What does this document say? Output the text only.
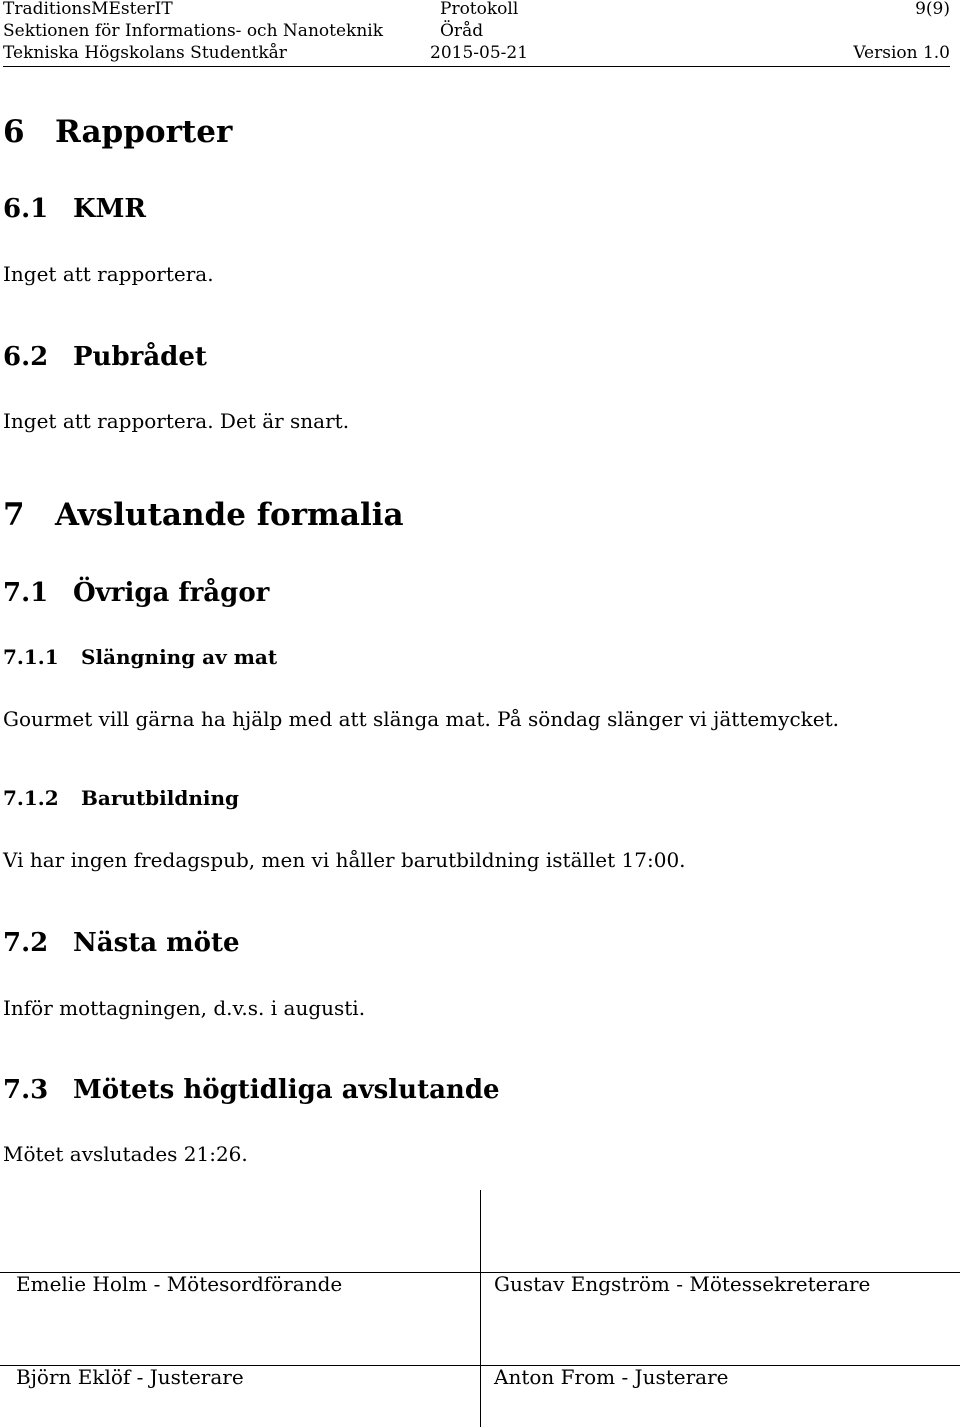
TraditionsMEsterIT
Sektionen för Informations- och Nanoteknik
Tekniska Högskolans Studentkår
Protokoll
Öråd
2015-05-21
9(9)
Version 1.0
6 Rapporter
6.1 KMR
Inget att rapportera.
6.2 Pubrådet
Inget att rapportera. Det är snart.
7 Avslutande formalia
7.1 Övriga frågor
7.1.1 Slängning av mat
Gourmet vill gärna ha hjälp med att slänga mat. På söndag slänger vi jättemycket.
7.1.2 Barutbildning
Vi har ingen fredagspub, men vi håller barutbildning istället 17:00.
7.2 Nästa möte
Inför mottagningen, d.v.s. i augusti.
7.3 Mötets högtidliga avslutande
Mötet avslutades 21:26.
Emelie Holm - Mötesordförande	Gustav Engström - Mötessekreterare
Björn Eklöf - Justerare	Anton From - Justerare
